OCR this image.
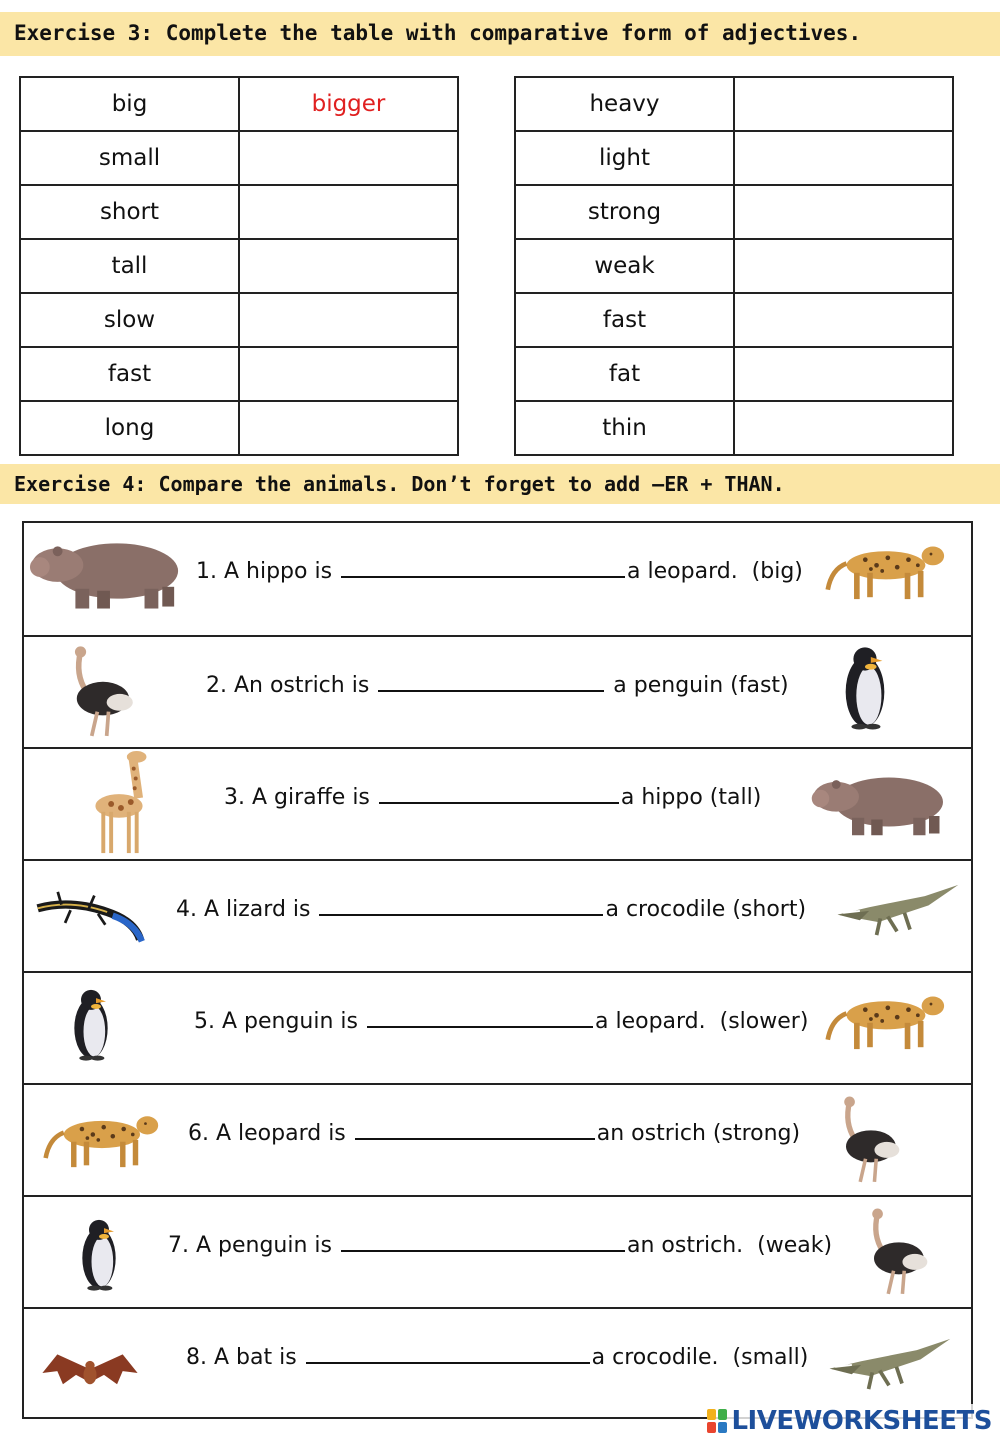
Exercise 3: Complete the table with comparative form of adjectives.
big	bigger
small	
short	
tall	
slow	
fast	
long	
heavy	
light	
strong	
weak	
fast	
fat	
thin	
Exercise 4: Compare the animals. Don’t forget to add –ER + THAN.
1. A hippo is	a leopard.  (big)
2. An ostrich is	a penguin (fast)
3. A giraffe is	a hippo (tall)
4. A lizard is	a crocodile (short)
5. A penguin is	a leopard.  (slower)
6. A leopard is	an ostrich (strong)
7. A penguin is	an ostrich.  (weak)
8. A bat is	a crocodile.  (small)
LIVEWORKSHEETS
